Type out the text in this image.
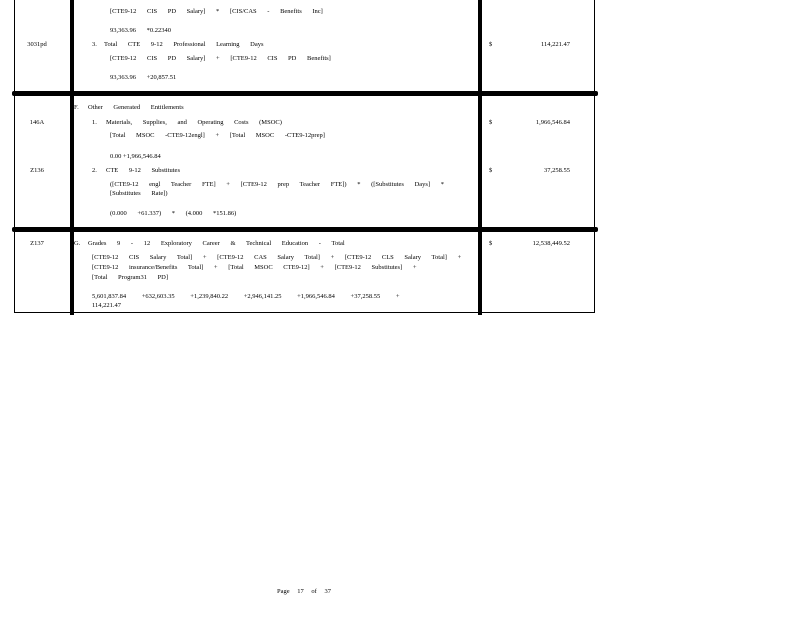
[CTE9-12 CIS PD Salary] * [CIS/CAS - Benefits Inc]
93,363.96 *0.22340
3031pd	3. Total CTE 9-12 Professional Learning Days
[CTE9-12 CIS PD Salary] + [CTE9-12 CIS PD Benefits]
93,363.96 +20,857.51
$	114,221.47
F. Other Generated Entitlements
146A	1. Materials, Supplies, and Operating Costs (MSOC)
[Total MSOC -CTE9-12engl] + [Total MSOC -CTE9-12prep]
0.00 +1,966,546.84
$	1,966,546.84
Z136	2. CTE 9-12 Substitutes
([CTE9-12 engl Teacher FTE] + [CTE9-12 prep Teacher FTE]) * ([Substitutes Days] *
[Substitutes Rate])
(0.000 +61.337) * (4.000 *151.86)
$	37,258.55
Z137	G. Grades 9 - 12 Exploratory Career & Technical Education - Total
[CTE9-12 CIS Salary Total] + [CTE9-12 CAS Salary Total] + [CTE9-12 CLS Salary Total] +
[CTE9-12 insurance/Benefits Total] + [Total MSOC CTE9-12] + [CTE9-12 Substitutes] +
[Total Program31 PD]
5,601,837.84 +632,603.35 +1,239,840.22 +2,946,141.25 +1,966,546.84 +37,258.55 +
114,221.47
$	12,538,449.52
Page 17 of 37
